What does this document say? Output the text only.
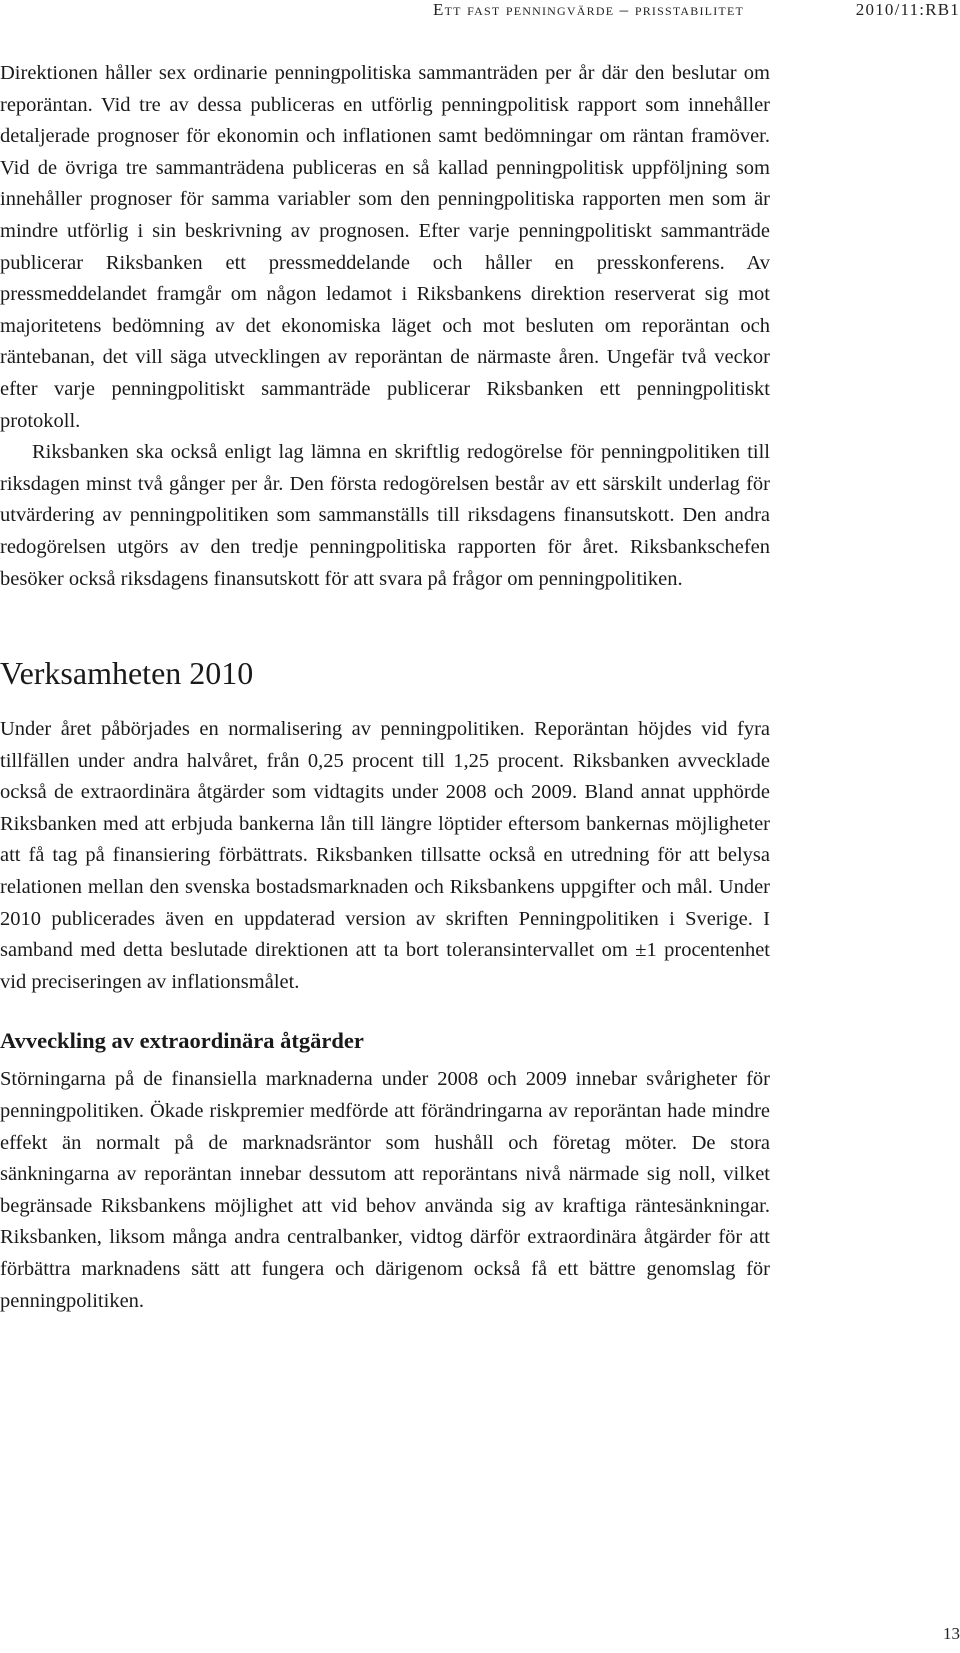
Ett fast penningvärde – prisstabilitet	2010/11:RB1

Direktionen håller sex ordinarie penningpolitiska sammanträden per år där den beslutar om reporäntan. Vid tre av dessa publiceras en utförlig penningpolitisk rapport som innehåller detaljerade prognoser för ekonomin och inflationen samt bedömningar om räntan framöver. Vid de övriga tre sammanträdena publiceras en så kallad penningpolitisk uppföljning som innehåller prognoser för samma variabler som den penningpolitiska rapporten men som är mindre utförlig i sin beskrivning av prognosen. Efter varje penningpolitiskt sammanträde publicerar Riksbanken ett pressmeddelande och håller en presskonferens. Av pressmeddelandet framgår om någon ledamot i Riksbankens direktion reserverat sig mot majoritetens bedömning av det ekonomiska läget och mot besluten om reporäntan och räntebanan, det vill säga utvecklingen av reporäntan de närmaste åren. Ungefär två veckor efter varje penningpolitiskt sammanträde publicerar Riksbanken ett penningpolitiskt protokoll.

Riksbanken ska också enligt lag lämna en skriftlig redogörelse för penningpolitiken till riksdagen minst två gånger per år. Den första redogörelsen består av ett särskilt underlag för utvärdering av penningpolitiken som sammanställs till riksdagens finansutskott. Den andra redogörelsen utgörs av den tredje penningpolitiska rapporten för året. Riksbankschefen besöker också riksdagens finansutskott för att svara på frågor om penningpolitiken.

Verksamheten 2010

Under året påbörjades en normalisering av penningpolitiken. Reporäntan höjdes vid fyra tillfällen under andra halvåret, från 0,25 procent till 1,25 procent. Riksbanken avvecklade också de extraordinära åtgärder som vidtagits under 2008 och 2009. Bland annat upphörde Riksbanken med att erbjuda bankerna lån till längre löptider eftersom bankernas möjligheter att få tag på finansiering förbättrats. Riksbanken tillsatte också en utredning för att belysa relationen mellan den svenska bostadsmarknaden och Riksbankens uppgifter och mål. Under 2010 publicerades även en uppdaterad version av skriften Penningpolitiken i Sverige. I samband med detta beslutade direktionen att ta bort toleransintervallet om ±1 procentenhet vid preciseringen av inflationsmålet.

Avveckling av extraordinära åtgärder

Störningarna på de finansiella marknaderna under 2008 och 2009 innebar svårigheter för penningpolitiken. Ökade riskpremier medförde att förändringarna av reporäntan hade mindre effekt än normalt på de marknadsräntor som hushåll och företag möter. De stora sänkningarna av reporäntan innebar dessutom att reporäntans nivå närmade sig noll, vilket begränsade Riksbankens möjlighet att vid behov använda sig av kraftiga räntesänkningar. Riksbanken, liksom många andra centralbanker, vidtog därför extraordinära åtgärder för att förbättra marknadens sätt att fungera och därigenom också få ett bättre genomslag för penningpolitiken.

13
